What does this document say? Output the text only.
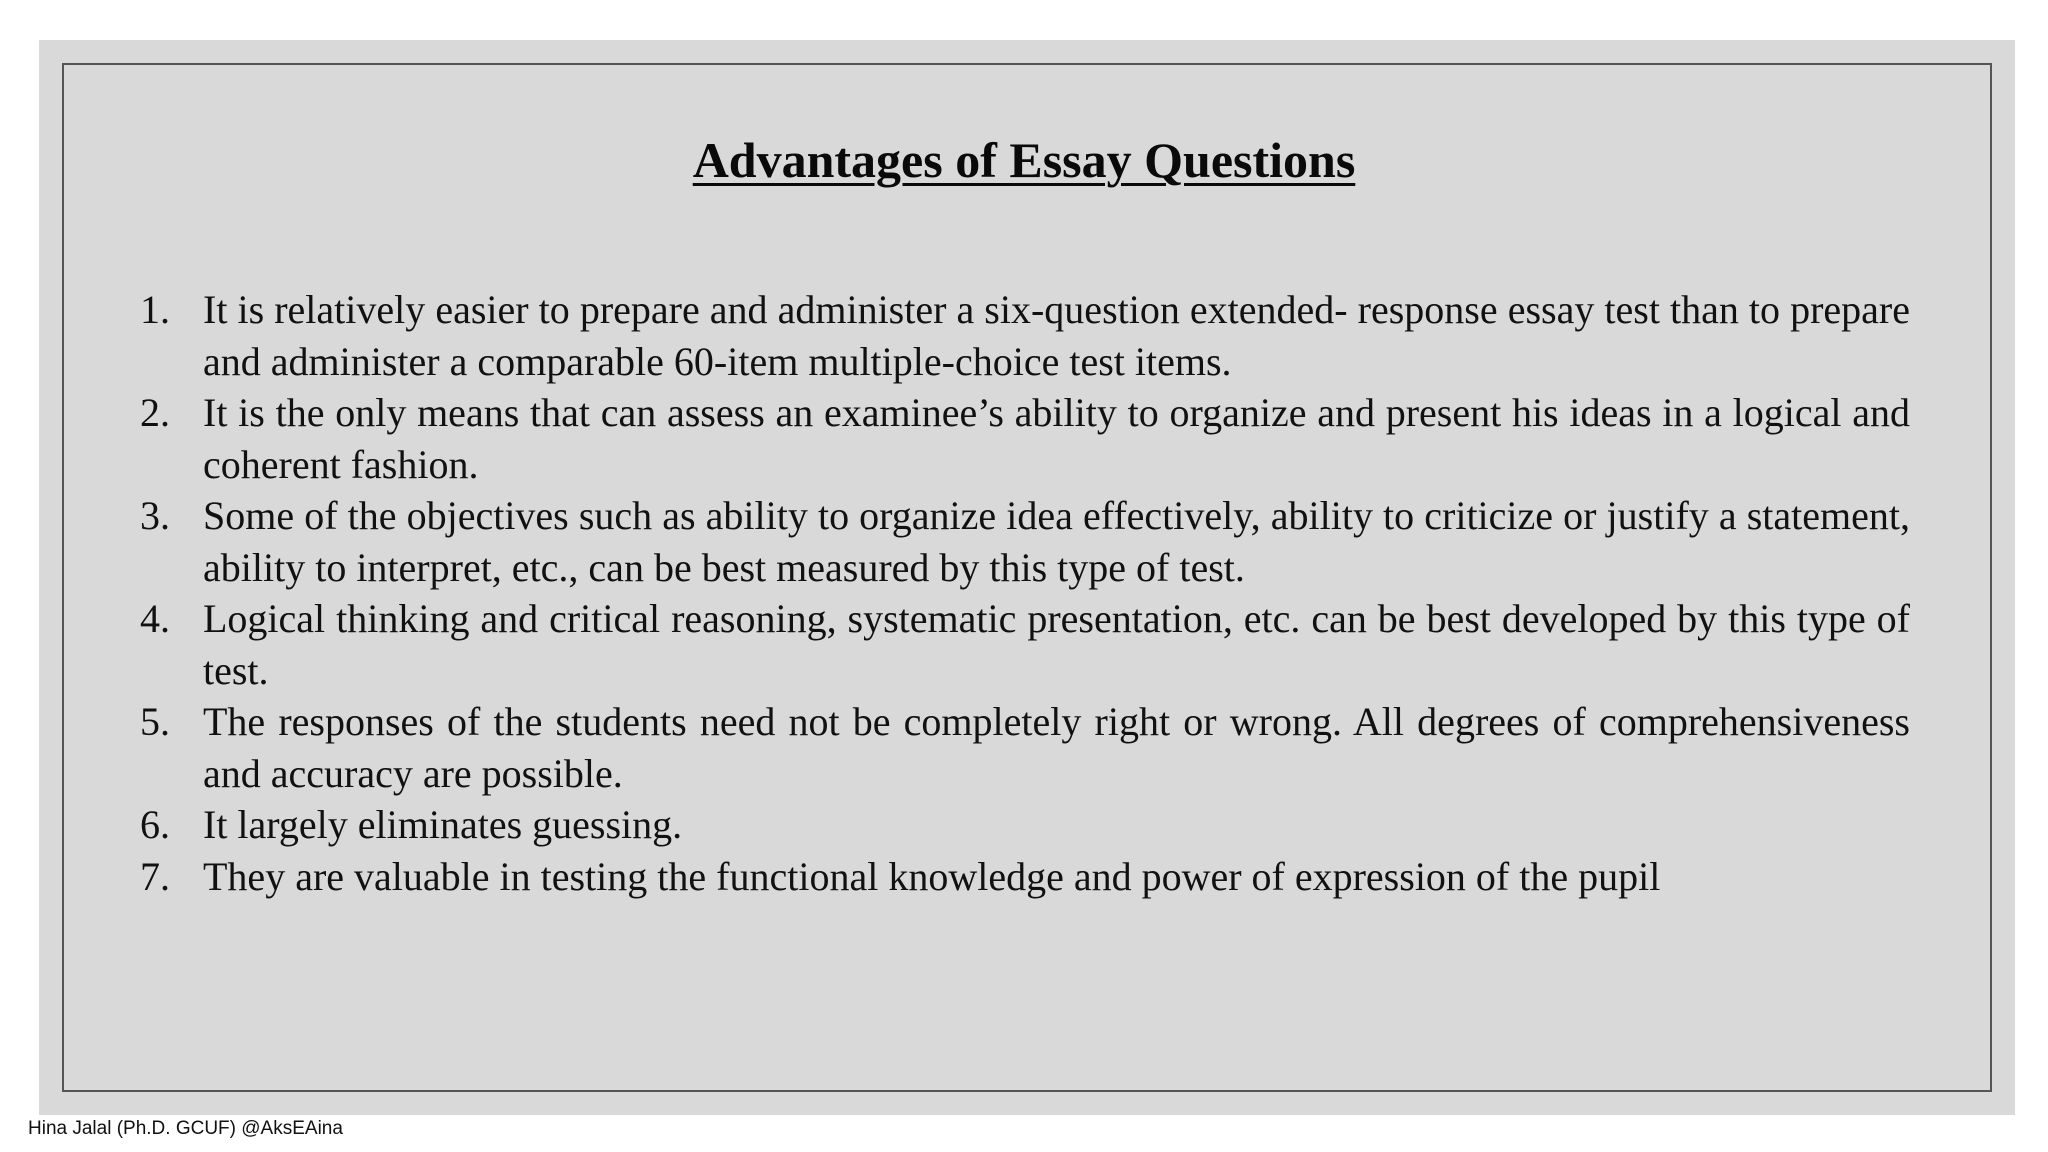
Advantages of Essay Questions
1. It is relatively easier to prepare and administer a six-question extended- response essay test than to prepare and administer a comparable 60-item multiple-choice test items.
2. It is the only means that can assess an examinee’s ability to organize and present his ideas in a logical and coherent fashion.
3. Some of the objectives such as ability to organize idea effectively, ability to criticize or justify a statement, ability to interpret, etc., can be best measured by this type of test.
4. Logical thinking and critical reasoning, systematic presentation, etc. can be best developed by this type of test.
5. The responses of the students need not be completely right or wrong. All degrees of comprehensiveness and accuracy are possible.
6. It largely eliminates guessing.
7. They are valuable in testing the functional knowledge and power of expression of the pupil
Hina Jalal (Ph.D. GCUF) @AksEAina
